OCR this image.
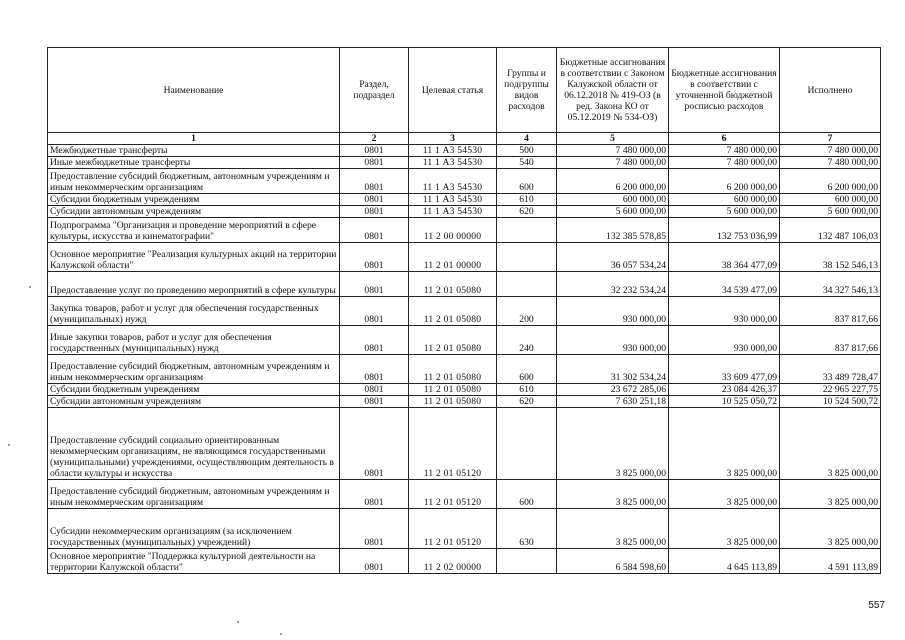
Наименование	Раздел, подраздел	Целевая статья	Группы и подгруппы видов расходов	Бюджетные ассигнования в соответствии с Законом Калужской области от 06.12.2018 № 419-ОЗ (в ред. Закона КО от 05.12.2019 № 534-ОЗ)	Бюджетные ассигнования в соответствии с уточненной бюджетной росписью расходов	Исполнено
1	2	3	4	5	6	7
Межбюджетные трансферты	0801	11 1 А3 54530	500	7 480 000,00	7 480 000,00	7 480 000,00
Иные межбюджетные трансферты	0801	11 1 А3 54530	540	7 480 000,00	7 480 000,00	7 480 000,00
Предоставление субсидий бюджетным, автономным учреждениям и иным некоммерческим организациям	0801	11 1 А3 54530	600	6 200 000,00	6 200 000,00	6 200 000,00
Субсидии бюджетным учреждениям	0801	11 1 А3 54530	610	600 000,00	600 000,00	600 000,00
Субсидии автономным учреждениям	0801	11 1 А3 54530	620	5 600 000,00	5 600 000,00	5 600 000,00
Подпрограмма "Организация и проведение мероприятий в сфере культуры, искусства и кинематографии"	0801	11 2 00 00000		132 385 578,85	132 753 036,99	132 487 106,03
Основное мероприятие "Реализация культурных акций на территории Калужской области"	0801	11 2 01 00000		36 057 534,24	38 364 477,09	38 152 546,13
Предоставление услуг по проведению мероприятий в сфере культуры	0801	11 2 01 05080		32 232 534,24	34 539 477,09	34 327 546,13
Закупка товаров, работ и услуг для обеспечения государственных (муниципальных) нужд	0801	11 2 01 05080	200	930 000,00	930 000,00	837 817,66
Иные закупки товаров, работ и услуг для обеспечения государственных (муниципальных) нужд	0801	11 2 01 05080	240	930 000,00	930 000,00	837 817,66
Предоставление субсидий бюджетным, автономным учреждениям и иным некоммерческим организациям	0801	11 2 01 05080	600	31 302 534,24	33 609 477,09	33 489 728,47
Субсидии бюджетным учреждениям	0801	11 2 01 05080	610	23 672 285,06	23 084 426,37	22 965 227,75
Субсидии автономным учреждениям	0801	11 2 01 05080	620	7 630 251,18	10 525 050,72	10 524 500,72
Предоставление субсидий социально ориентированным некоммерческим организациям, не являющимся государственными (муниципальными) учреждениями, осуществляющим деятельность в области культуры и искусства	0801	11 2 01 05120		3 825 000,00	3 825 000,00	3 825 000,00
Предоставление субсидий бюджетным, автономным учреждениям и иным некоммерческим организациям	0801	11 2 01 05120	600	3 825 000,00	3 825 000,00	3 825 000,00
Субсидии некоммерческим организациям (за исключением государственных (муниципальных) учреждений)	0801	11 2 01 05120	630	3 825 000,00	3 825 000,00	3 825 000,00
Основное мероприятие "Поддержка культурной деятельности на территории Калужской области"	0801	11 2 02 00000		6 584 598,60	4 645 113,89	4 591 113,89
557
